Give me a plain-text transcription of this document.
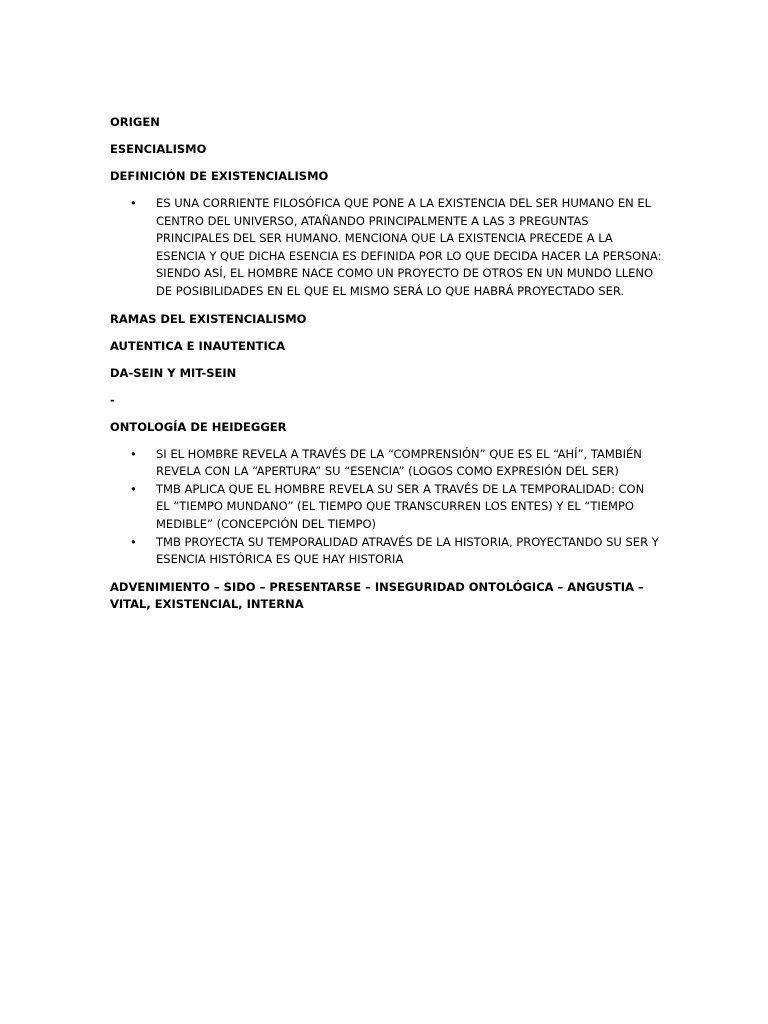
ORIGEN
ESENCIALISMO
DEFINICIÓN DE EXISTENCIALISMO
• ES UNA CORRIENTE FILOSÓFICA QUE PONE A LA EXISTENCIA DEL SER HUMANO EN EL CENTRO DEL UNIVERSO, ATAÑANDO PRINCIPALMENTE A LAS 3 PREGUNTAS PRINCIPALES DEL SER HUMANO. MENCIONA QUE LA EXISTENCIA PRECEDE A LA ESENCIA Y QUE DICHA ESENCIA ES DEFINIDA POR LO QUE DECIDA HACER LA PERSONA: SIENDO ASÍ, EL HOMBRE NACE COMO UN PROYECTO DE OTROS EN UN MUNDO LLENO DE POSIBILIDADES EN EL QUE EL MISMO SERÁ LO QUE HABRÁ PROYECTADO SER.
RAMAS DEL EXISTENCIALISMO
AUTENTICA E INAUTENTICA
DA-SEIN Y MIT-SEIN
-
ONTOLOGÍA DE HEIDEGGER
• SI EL HOMBRE REVELA A TRAVÉS DE LA “COMPRENSIÓN” QUE ES EL “AHÍ”, TAMBIÉN REVELA CON LA “APERTURA” SU “ESENCIA” (LOGOS COMO EXPRESIÓN DEL SER)
• TMB APLICA QUE EL HOMBRE REVELA SU SER A TRAVÉS DE LA TEMPORALIDAD: CON EL “TIEMPO MUNDANO” (EL TIEMPO QUE TRANSCURREN LOS ENTES) Y EL “TIEMPO MEDIBLE” (CONCEPCIÓN DEL TIEMPO)
• TMB PROYECTA SU TEMPORALIDAD ATRAVÉS DE LA HISTORIA, PROYECTANDO SU SER Y ESENCIA HISTÓRICA ES QUE HAY HISTORIA
ADVENIMIENTO – SIDO – PRESENTARSE – INSEGURIDAD ONTOLÓGICA – ANGUSTIA –VITAL, EXISTENCIAL, INTERNA
